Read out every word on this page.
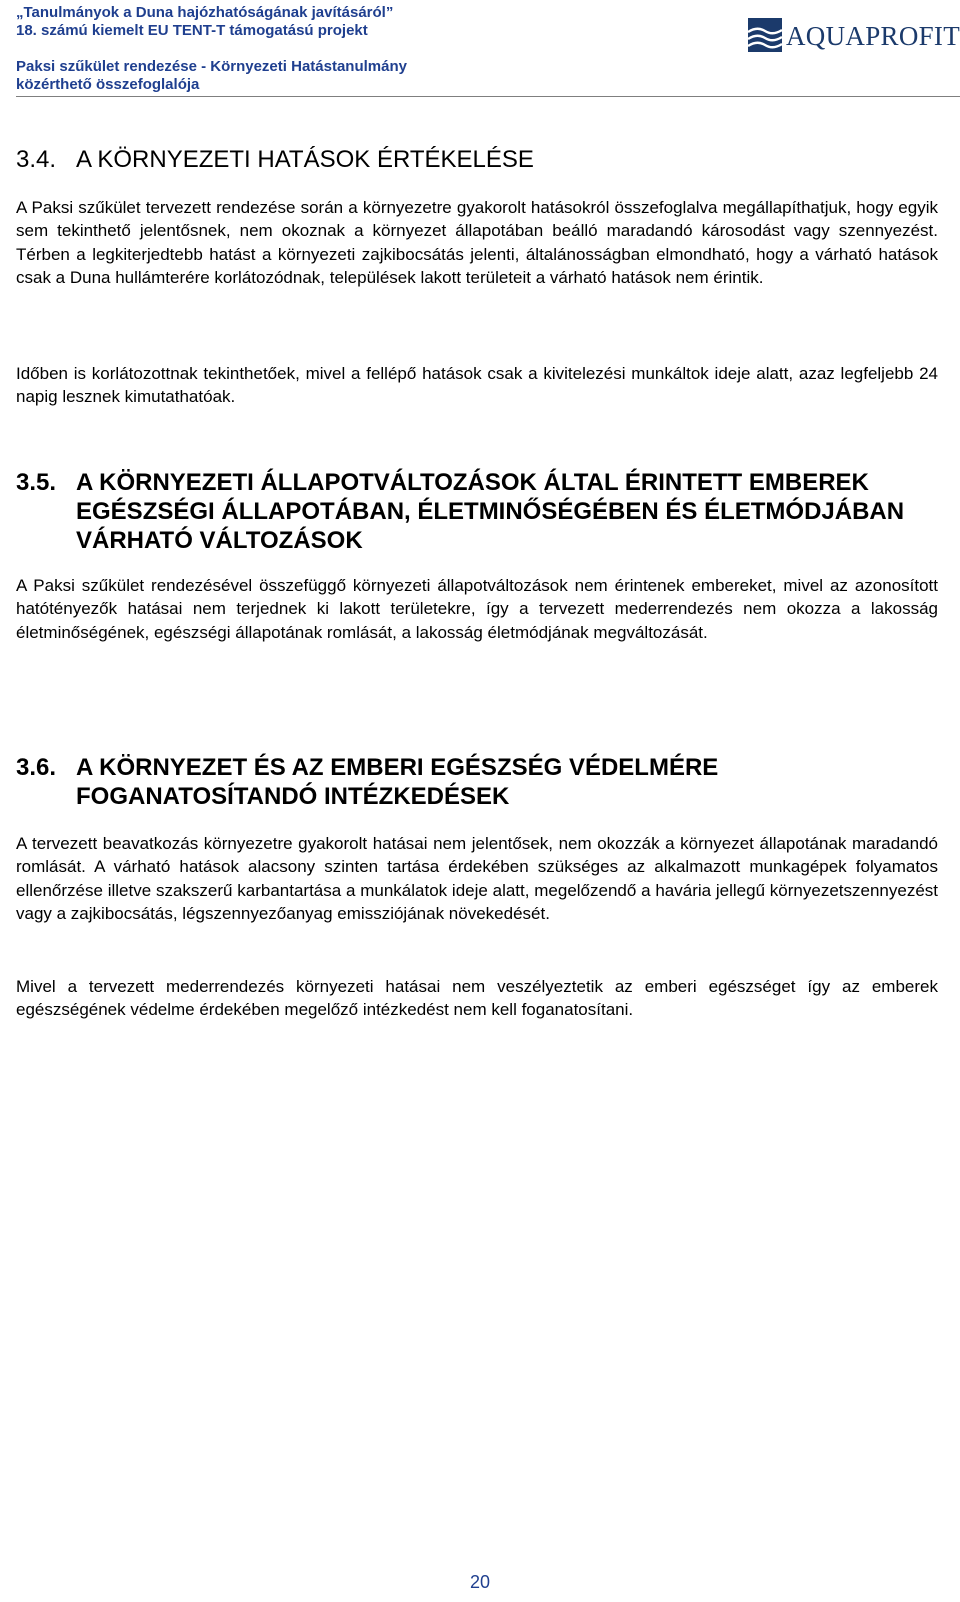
„Tanulmányok a Duna hajózhatóságának javításáról”
18. számú kiemelt EU TENT-T támogatású projekt
Paksi szűkület rendezése - Környezeti Hatástanulmány
közérthető összefoglalója
AQUAPROFIT
3.4. A KÖRNYEZETI HATÁSOK ÉRTÉKELÉSE

A Paksi szűkület tervezett rendezése során a környezetre gyakorolt hatásokról összefoglalva megállapíthatjuk, hogy egyik sem tekinthető jelentősnek, nem okoznak a környezet állapotában beálló maradandó károsodást vagy szennyezést. Térben a legkiterjedtebb hatást a környezeti zajkibocsátás jelenti, általánosságban elmondható, hogy a várható hatások csak a Duna hullámterére korlátozódnak, települések lakott területeit a várható hatások nem érintik.

Időben is korlátozottnak tekinthetőek, mivel a fellépő hatások csak a kivitelezési munkáltok ideje alatt, azaz legfeljebb 24 napig lesznek kimutathatóak.

3.5. A KÖRNYEZETI ÁLLAPOTVÁLTOZÁSOK ÁLTAL ÉRINTETT EMBEREK
EGÉSZSÉGI ÁLLAPOTÁBAN, ÉLETMINŐSÉGÉBEN ÉS ÉLETMÓDJÁBAN
VÁRHATÓ VÁLTOZÁSOK

A Paksi szűkület rendezésével összefüggő környezeti állapotváltozások nem érintenek embereket, mivel az azonosított hatótényezők hatásai nem terjednek ki lakott területekre, így a tervezett mederrendezés nem okozza a lakosság életminőségének, egészségi állapotának romlását, a lakosság életmódjának megváltozását.

3.6. A KÖRNYEZET ÉS AZ EMBERI EGÉSZSÉG VÉDELMÉRE
FOGANATOSÍTANDÓ INTÉZKEDÉSEK

A tervezett beavatkozás környezetre gyakorolt hatásai nem jelentősek, nem okozzák a környezet állapotának maradandó romlását. A várható hatások alacsony szinten tartása érdekében szükséges az alkalmazott munkagépek folyamatos ellenőrzése illetve szakszerű karbantartása a munkálatok ideje alatt, megelőzendő a havária jellegű környezetszennyezést vagy a zajkibocsátás, légszennyezőanyag emissziójának növekedését.

Mivel a tervezett mederrendezés környezeti hatásai nem veszélyeztetik az emberi egészséget így az emberek egészségének védelme érdekében megelőző intézkedést nem kell foganatosítani.

20
